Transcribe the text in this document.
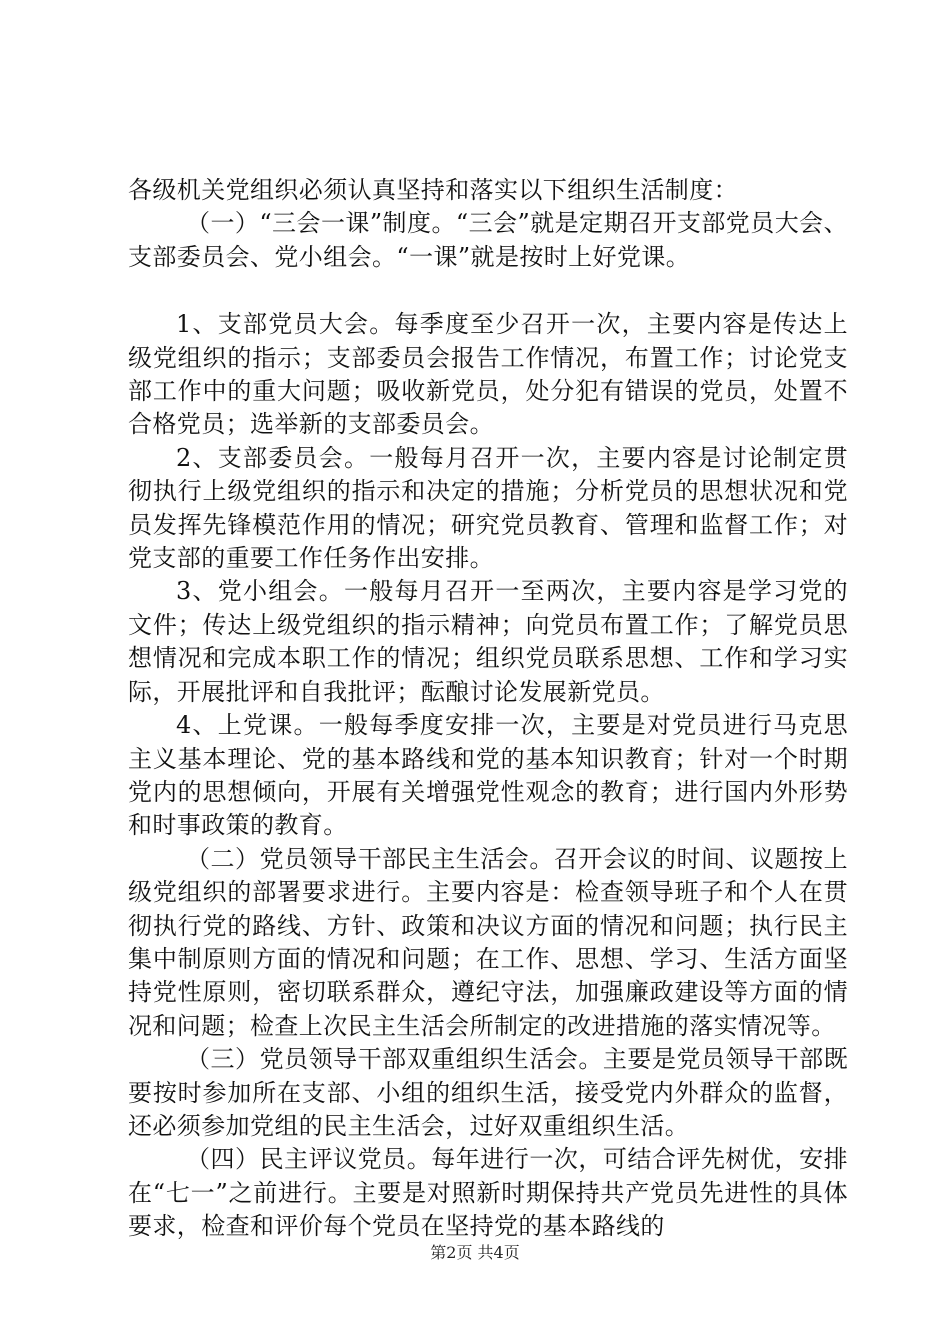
各级机关党组织必须认真坚持和落实以下组织生活制度：

（一）“三会一课”制度。“三会”就是定期召开支部党员大会、支部委员会、党小组会。“一课”就是按时上好党课。

1、支部党员大会。每季度至少召开一次，主要内容是传达上级党组织的指示；支部委员会报告工作情况，布置工作；讨论党支部工作中的重大问题；吸收新党员，处分犯有错误的党员，处置不合格党员；选举新的支部委员会。

2、支部委员会。一般每月召开一次，主要内容是讨论制定贯彻执行上级党组织的指示和决定的措施；分析党员的思想状况和党员发挥先锋模范作用的情况；研究党员教育、管理和监督工作；对党支部的重要工作任务作出安排。

3、党小组会。一般每月召开一至两次，主要内容是学习党的文件；传达上级党组织的指示精神；向党员布置工作；了解党员思想情况和完成本职工作的情况；组织党员联系思想、工作和学习实际，开展批评和自我批评；酝酿讨论发展新党员。

4、上党课。一般每季度安排一次，主要是对党员进行马克思主义基本理论、党的基本路线和党的基本知识教育；针对一个时期党内的思想倾向，开展有关增强党性观念的教育；进行国内外形势和时事政策的教育。

（二）党员领导干部民主生活会。召开会议的时间、议题按上级党组织的部署要求进行。主要内容是：检查领导班子和个人在贯彻执行党的路线、方针、政策和决议方面的情况和问题；执行民主集中制原则方面的情况和问题；在工作、思想、学习、生活方面坚持党性原则，密切联系群众，遵纪守法，加强廉政建设等方面的情况和问题；检查上次民主生活会所制定的改进措施的落实情况等。

（三）党员领导干部双重组织生活会。主要是党员领导干部既要按时参加所在支部、小组的组织生活，接受党内外群众的监督，还必须参加党组的民主生活会，过好双重组织生活。

（四）民主评议党员。每年进行一次，可结合评先树优，安排在“七一”之前进行。主要是对照新时期保持共产党员先进性的具体要求，检查和评价每个党员在坚持党的基本路线的

第2页 共4页
